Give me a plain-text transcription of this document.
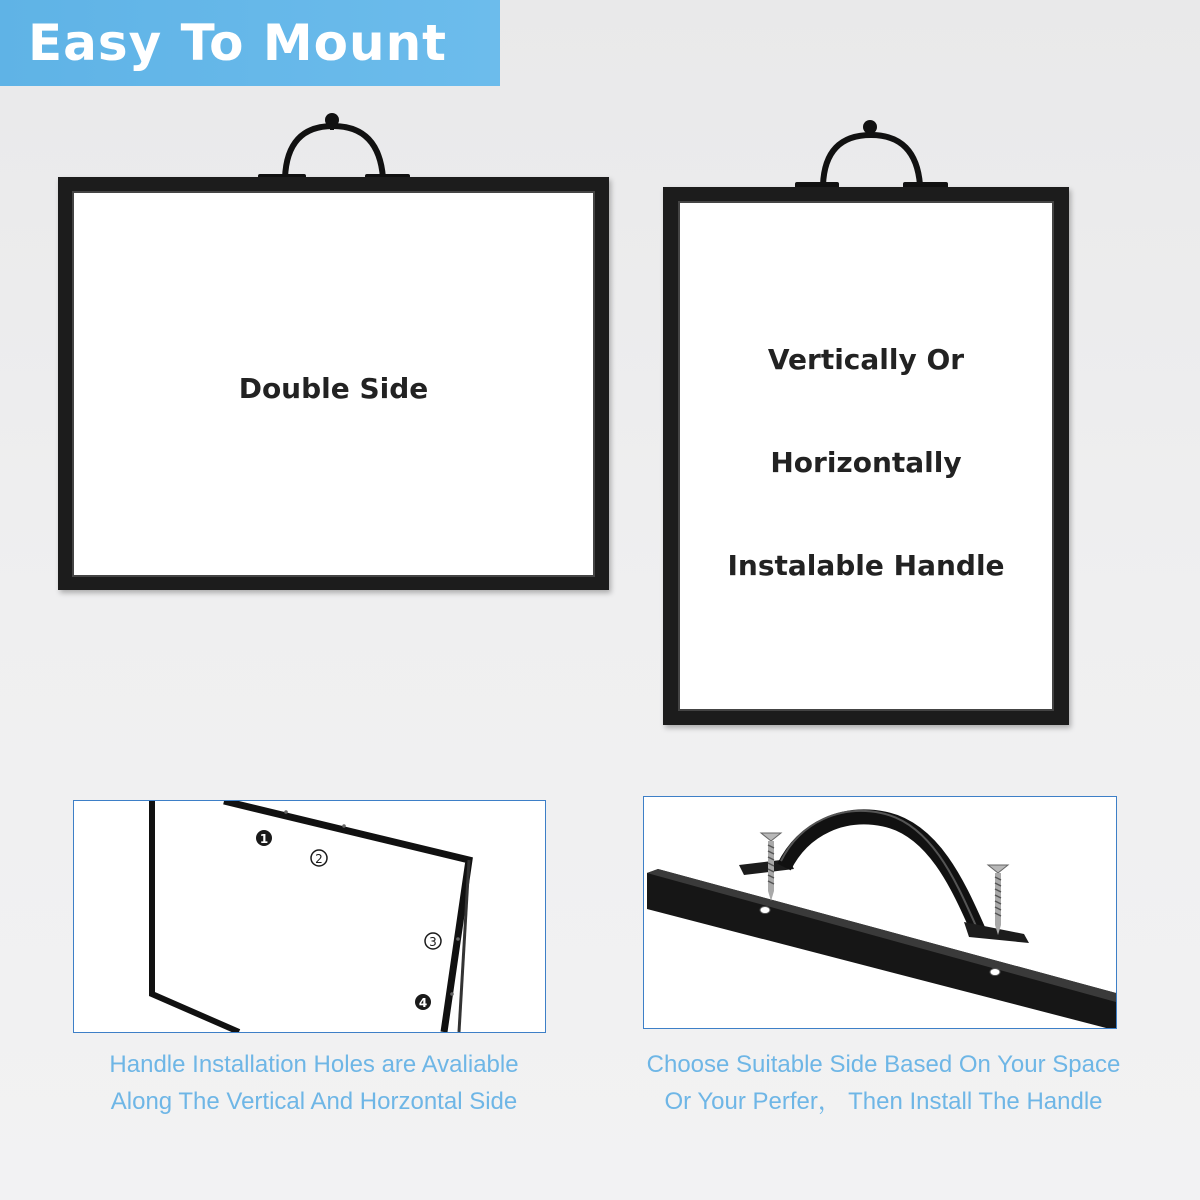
Easy To Mount
Double Side
Vertically Or
Horizontally
Instalable Handle
1
2
3
4
Handle Installation Holes are Avaliable
Along The Vertical And Horzontal Side
Choose Suitable Side Based On Your Space
Or Your Perfer， Then Install The Handle
